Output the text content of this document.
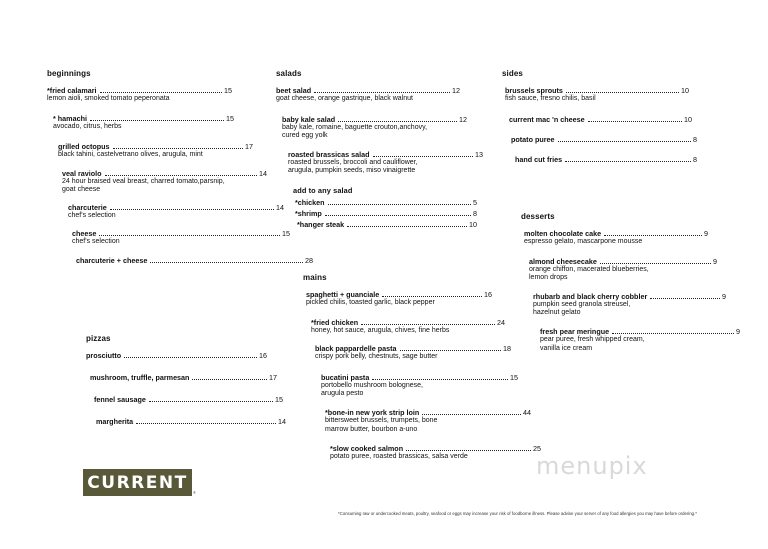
beginnings
*fried calamari	15
lemon aioli, smoked tomato peperonata
* hamachi	15
avocado, citrus, herbs
grilled octopus	17
black tahini, castelvetrano olives, arugula, mint
veal raviolo	14
24 hour braised veal breast, charred tomato,parsnip,
goat cheese
charcuterie	14
chef's selection
cheese	15
chef's selection
charcuterie + cheese	28
pizzas
prosciutto	16
mushroom, truffle, parmesan	17
fennel sausage	15
margherita	14
salads
beet salad	12
goat cheese, orange gastrique, black walnut
baby kale salad	12
baby kale, romaine, baguette crouton,anchovy,
cured egg yolk
roasted brassicas salad	13
roasted brussels, broccoli and cauliflower,
arugula, pumpkin seeds, miso vinaigrette
add to any salad
*chicken	5
*shrimp	8
*hanger steak	10
mains
spaghetti + guanciale	16
pickled chilis, toasted garlic, black pepper
*fried chicken	24
honey, hot sauce, arugula, chives, fine herbs
black pappardelle pasta	18
crispy pork belly, chestnuts, sage butter
bucatini pasta	15
portobello mushroom bolognese,
arugula pesto
*bone-in new york strip loin	44
bittersweet brussels, trumpets, bone
marrow butter, bourbon a-uno
*slow cooked salmon	25
potato puree, roasted brassicas, salsa verde
sides
brussels sprouts	10
fish sauce, fresno chilis, basil
current mac 'n cheese	10
potato puree	8
hand cut fries	8
desserts
molten chocolate cake	9
espresso gelato, mascarpone mousse
almond cheesecake	9
orange chiffon, macerated blueberries,
lemon drops
rhubarb and black cherry cobbler	9
pumpkin seed granola streusel,
hazelnut gelato
fresh pear meringue	9
pear puree, fresh whipped cream,
vanilla ice cream
CURRENT	®
menupix
*Consuming raw or undercooked meats, poultry, seafood or eggs may increase your risk of foodborne illness. Please advise your server of any food allergies you may have before ordering.*
